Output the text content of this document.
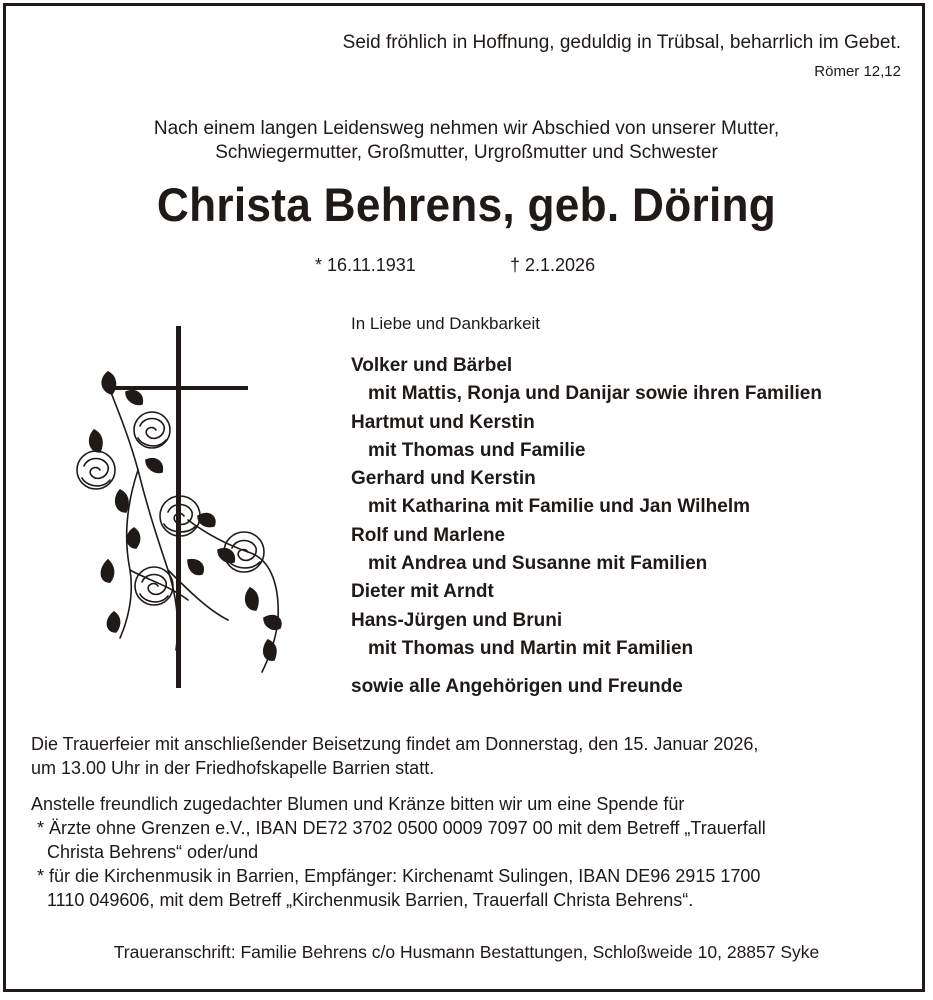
Seid fröhlich in Hoffnung, geduldig in Trübsal, beharrlich im Gebet.
Römer 12,12
Nach einem langen Leidensweg nehmen wir Abschied von unserer Mutter,
Schwiegermutter, Großmutter, Urgroßmutter und Schwester
Christa Behrens, geb. Döring
* 16.11.1931	† 2.1.2026
In Liebe und Dankbarkeit
Volker und Bärbel
mit Mattis, Ronja und Danijar sowie ihren Familien
Hartmut und Kerstin
mit Thomas und Familie
Gerhard und Kerstin
mit Katharina mit Familie und Jan Wilhelm
Rolf und Marlene
mit Andrea und Susanne mit Familien
Dieter mit Arndt
Hans-Jürgen und Bruni
mit Thomas und Martin mit Familien
sowie alle Angehörigen und Freunde
Die Trauerfeier mit anschließender Beisetzung findet am Donnerstag, den 15. Januar 2026,
um 13.00 Uhr in der Friedhofskapelle Barrien statt.
Anstelle freundlich zugedachter Blumen und Kränze bitten wir um eine Spende für
* Ärzte ohne Grenzen e.V., IBAN DE72 3702 0500 0009 7097 00 mit dem Betreff „Trauerfall
Christa Behrens“ oder/und
* für die Kirchenmusik in Barrien, Empfänger: Kirchenamt Sulingen, IBAN DE96 2915 1700
1110 049606, mit dem Betreff „Kirchenmusik Barrien, Trauerfall Christa Behrens“.
Traueranschrift: Familie Behrens c/o Husmann Bestattungen, Schloßweide 10, 28857 Syke
